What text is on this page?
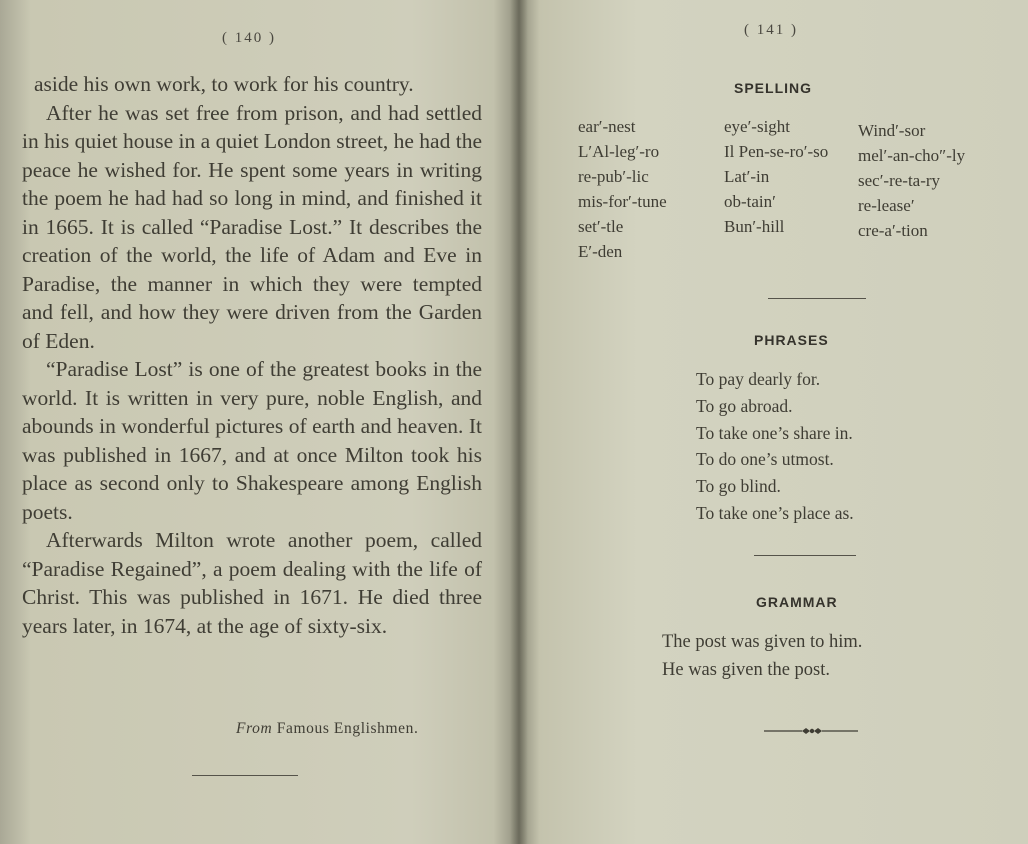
( 140 )

aside his own work, to work for his country.

After he was set free from prison, and had settled in his quiet house in a quiet London street, he had the peace he wished for. He spent some years in writing the poem he had had so long in mind, and finished it in 1665. It is called “Paradise Lost.” It describes the creation of the world, the life of Adam and Eve in Paradise, the manner in which they were tempted and fell, and how they were driven from the Garden of Eden.

“Paradise Lost” is one of the greatest books in the world. It is written in very pure, noble English, and abounds in wonderful pictures of earth and heaven. It was published in 1667, and at once Milton took his place as second only to Shakespeare among English poets.

Afterwards Milton wrote another poem, called “Paradise Regained”, a poem dealing with the life of Christ. This was published in 1671. He died three years later, in 1674, at the age of sixty-six.

From Famous Englishmen.
( 141 )
SPELLING
ear′-nest
L′Al-leg′-ro
re-pub′-lic
mis-for′-tune
set′-tle
E′-den
eye′-sight
Il Pen-se-ro′-so
Lat′-in
ob-tain′
Bun′-hill
Wind′-sor
mel′-an-cho″-ly
sec′-re-ta-ry
re-lease′
cre-a′-tion
PHRASES
To pay dearly for.
To go abroad.
To take one’s share in.
To do one’s utmost.
To go blind.
To take one’s place as.
GRAMMAR
The post was given to him.
He was given the post.
